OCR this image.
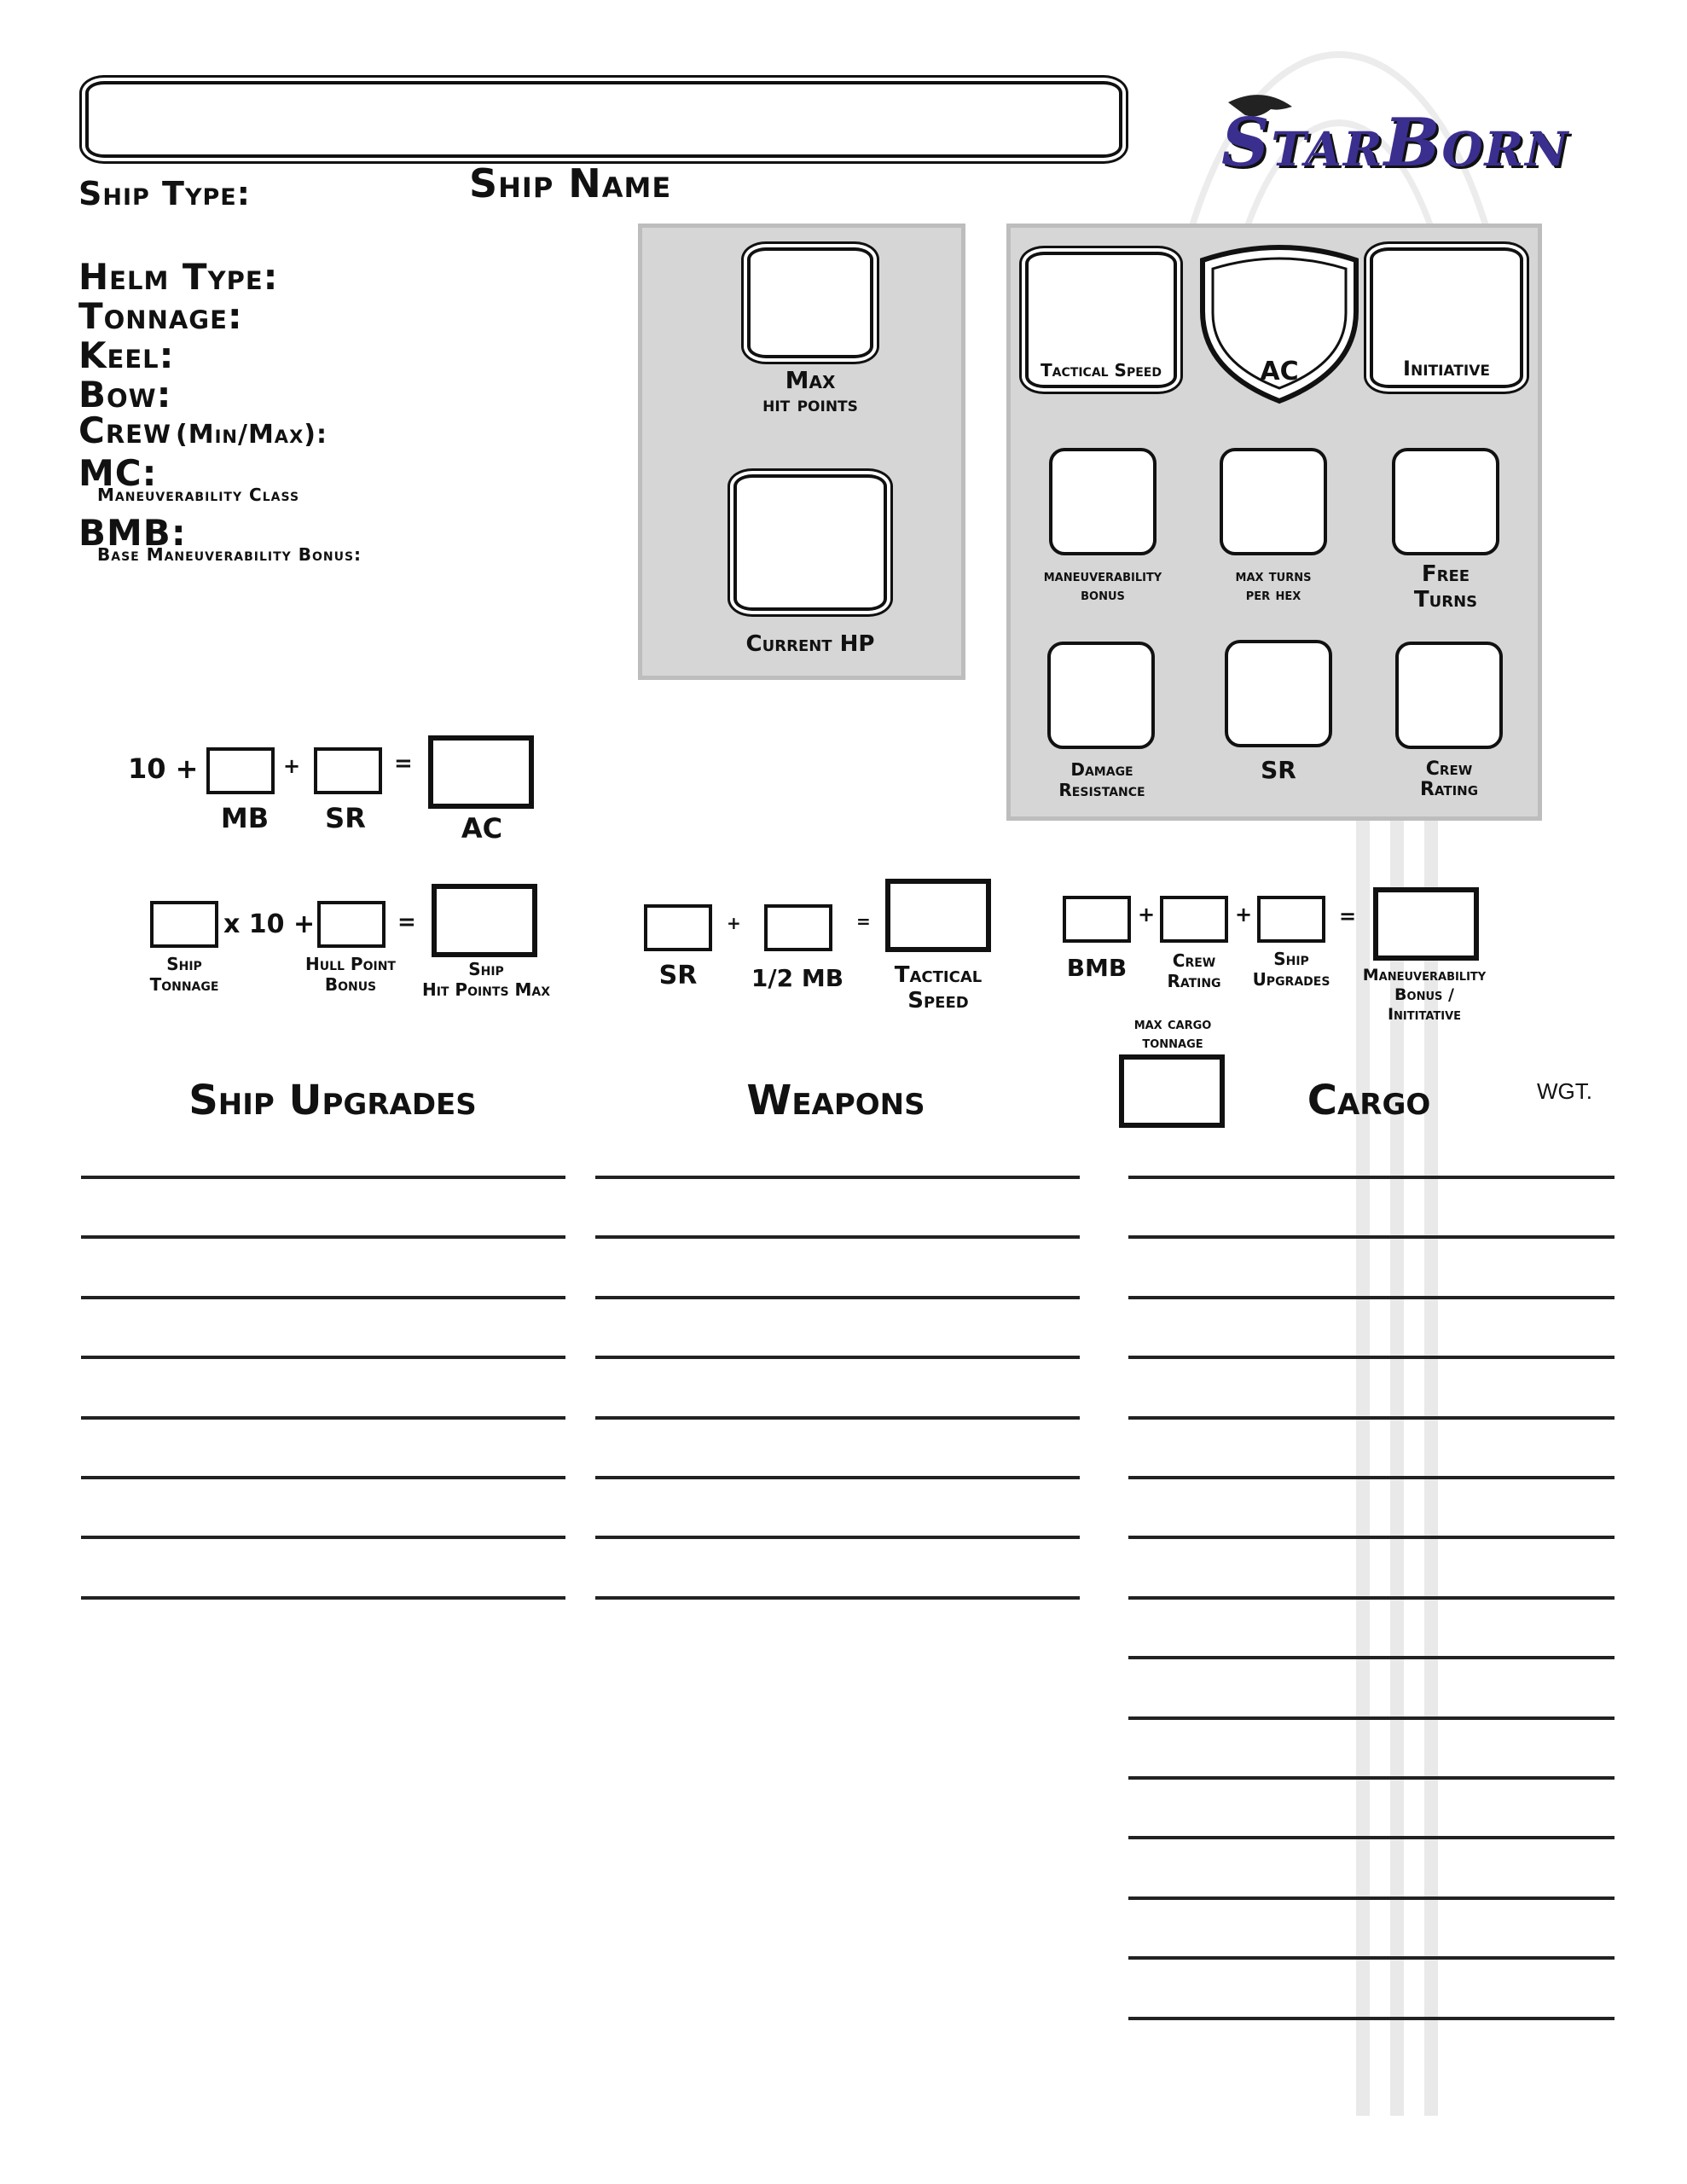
StarBorn
Ship Type:	Ship Name
Helm Type:
Tonnage:
Keel:
Bow:
Crew (Min/Max):
MC:
Maneuverability Class
BMB:
Base Maneuverability Bonus:
Max
hit points
Current HP
Tactical Speed	AC	Initiative
maneuverability
bonus
max turns
per hex
Free
Turns
Damage
Resistance
SR	Crew
Rating
10 +	+	=
MB	SR	AC
x 10 +	=
Ship
Tonnage
Hull Point
Bonus
Ship
Hit Points Max
+	=
SR	1/2 MB	Tactical
Speed
+	+	=
BMB	Crew
Rating
Ship
Upgrades	Maneuverability
Bonus /
Inititative
max cargo
tonnage
Ship Upgrades	Weapons	Cargo	WGT.
